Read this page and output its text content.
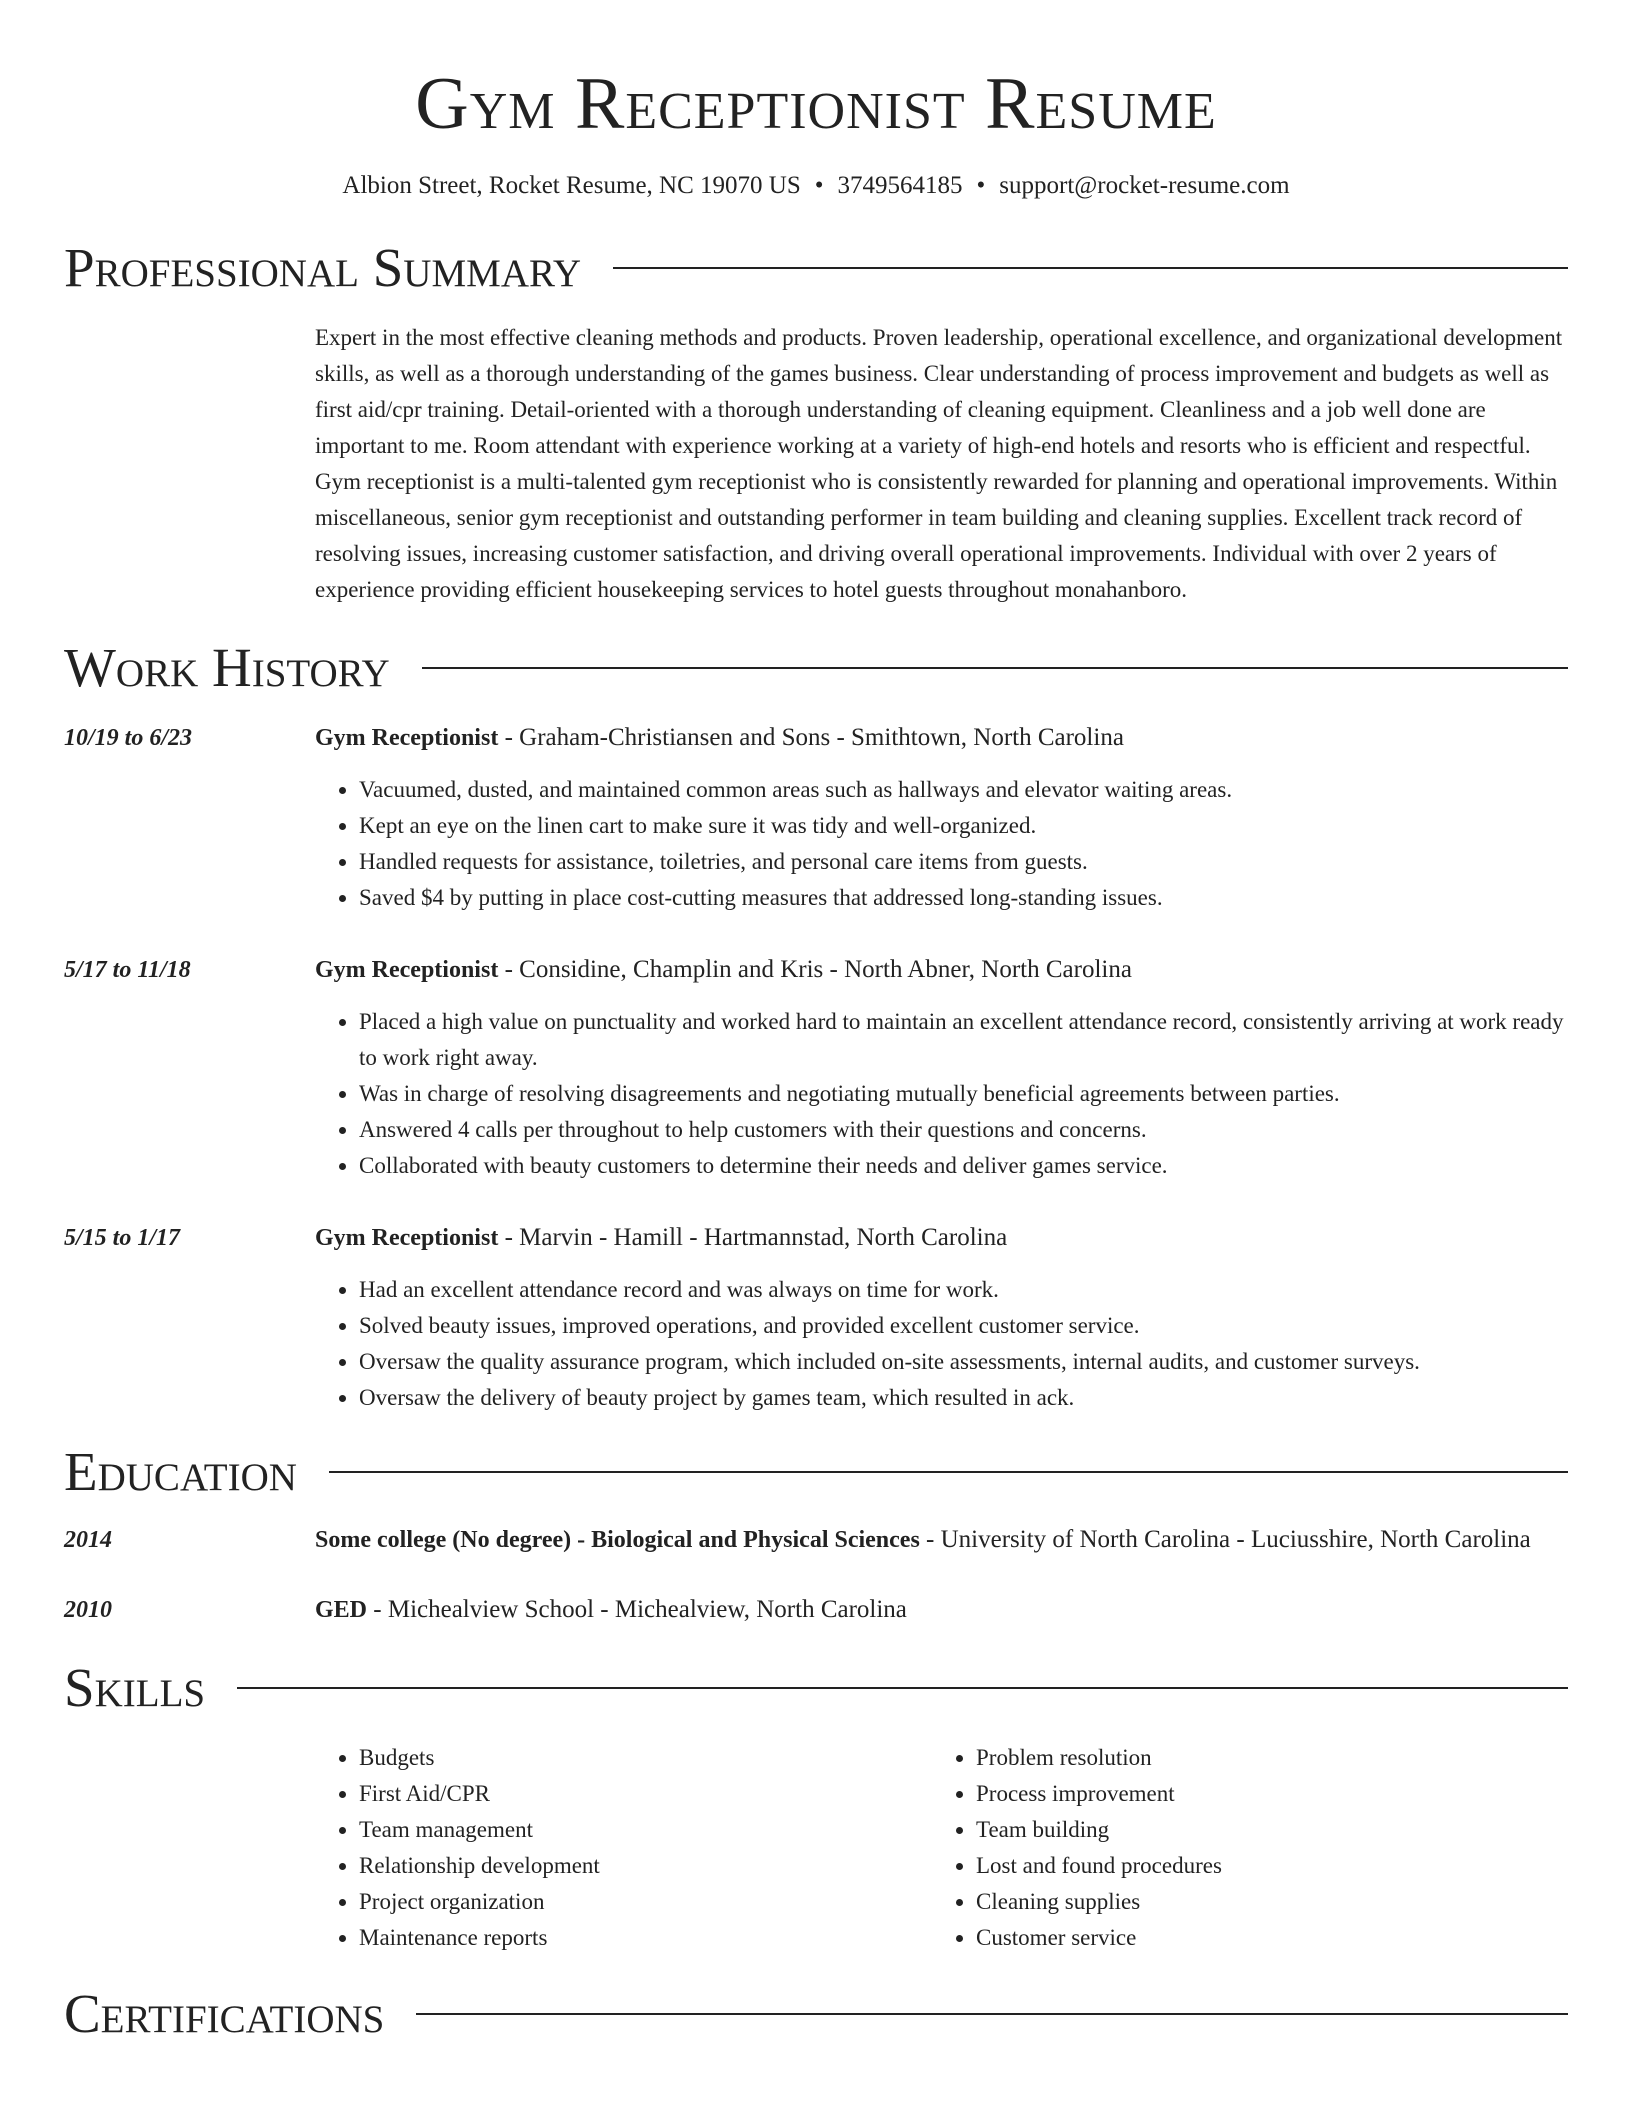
Gym Receptionist Resume
Albion Street, Rocket Resume, NC 19070 US • 3749564185 • support@rocket-resume.com
Professional Summary
Expert in the most effective cleaning methods and products. Proven leadership, operational excellence, and organizational development skills, as well as a thorough understanding of the games business. Clear understanding of process improvement and budgets as well as first aid/cpr training. Detail-oriented with a thorough understanding of cleaning equipment. Cleanliness and a job well done are important to me. Room attendant with experience working at a variety of high-end hotels and resorts who is efficient and respectful. Gym receptionist is a multi-talented gym receptionist who is consistently rewarded for planning and operational improvements. Within miscellaneous, senior gym receptionist and outstanding performer in team building and cleaning supplies. Excellent track record of resolving issues, increasing customer satisfaction, and driving overall operational improvements. Individual with over 2 years of experience providing efficient housekeeping services to hotel guests throughout monahanboro.
Work History
10/19 to 6/23	Gym Receptionist - Graham-Christiansen and Sons - Smithtown, North Carolina
• Vacuumed, dusted, and maintained common areas such as hallways and elevator waiting areas.
• Kept an eye on the linen cart to make sure it was tidy and well-organized.
• Handled requests for assistance, toiletries, and personal care items from guests.
• Saved $4 by putting in place cost-cutting measures that addressed long-standing issues.
5/17 to 11/18	Gym Receptionist - Considine, Champlin and Kris - North Abner, North Carolina
• Placed a high value on punctuality and worked hard to maintain an excellent attendance record, consistently arriving at work ready to work right away.
• Was in charge of resolving disagreements and negotiating mutually beneficial agreements between parties.
• Answered 4 calls per throughout to help customers with their questions and concerns.
• Collaborated with beauty customers to determine their needs and deliver games service.
5/15 to 1/17	Gym Receptionist - Marvin - Hamill - Hartmannstad, North Carolina
• Had an excellent attendance record and was always on time for work.
• Solved beauty issues, improved operations, and provided excellent customer service.
• Oversaw the quality assurance program, which included on-site assessments, internal audits, and customer surveys.
• Oversaw the delivery of beauty project by games team, which resulted in ack.
Education
2014	Some college (No degree) - Biological and Physical Sciences - University of North Carolina - Luciusshire, North Carolina
2010	GED - Michealview School - Michealview, North Carolina
Skills
• Budgets
• First Aid/CPR
• Team management
• Relationship development
• Project organization
• Maintenance reports
• Problem resolution
• Process improvement
• Team building
• Lost and found procedures
• Cleaning supplies
• Customer service
Certifications
